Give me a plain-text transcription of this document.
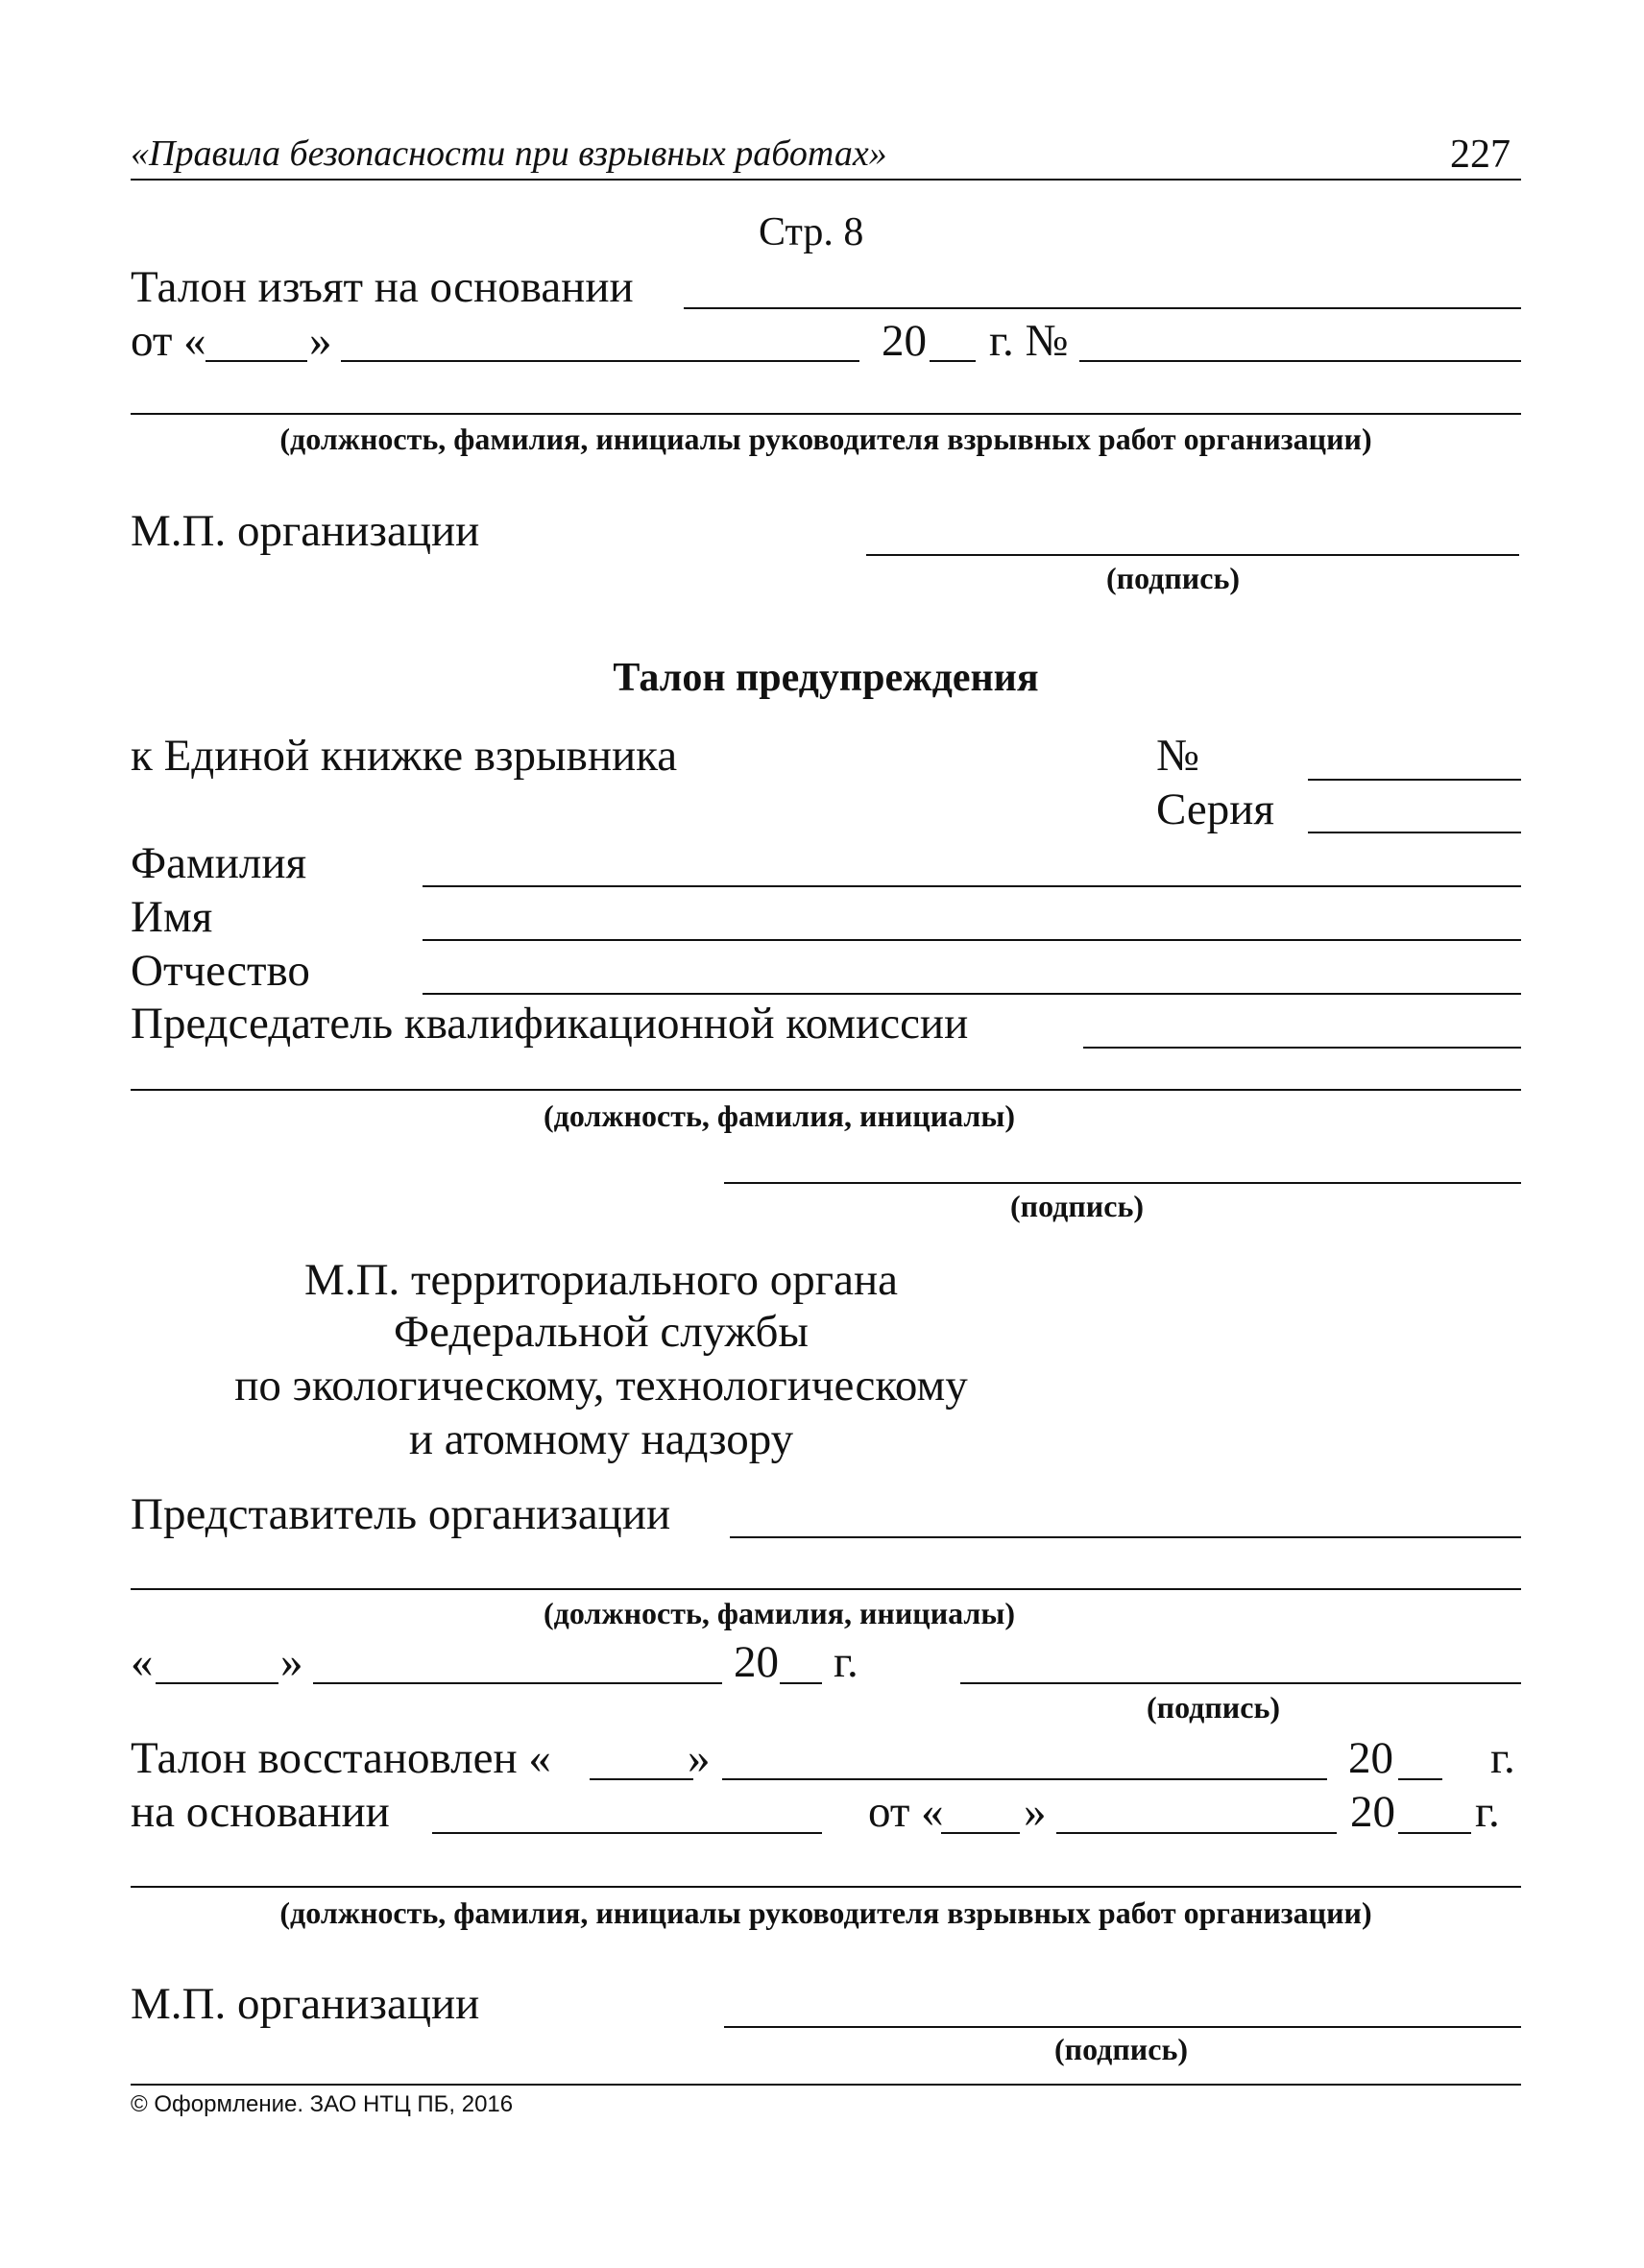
«Правила безопасности при взрывных работах»	227
Стр. 8
Талон изъят на основании
от « »	20 г. №
(должность, фамилия, инициалы руководителя взрывных работ организации)
М.П. организации
(подпись)
Талон предупреждения
к Единой книжке взрывника	№
Серия
Фамилия
Имя
Отчество
Председатель квалификационной комиссии
(должность, фамилия, инициалы)
(подпись)
М.П. территориального органа
Федеральной службы
по экологическому, технологическому
и атомному надзору
Представитель организации
(должность, фамилия, инициалы)
«	»	20 г.
(подпись)
Талон восстановлен «	»	20 г.
на основании	от « »	20 г.
(должность, фамилия, инициалы руководителя взрывных работ организации)
М.П. организации
(подпись)
© Оформление. ЗАО НТЦ ПБ, 2016
